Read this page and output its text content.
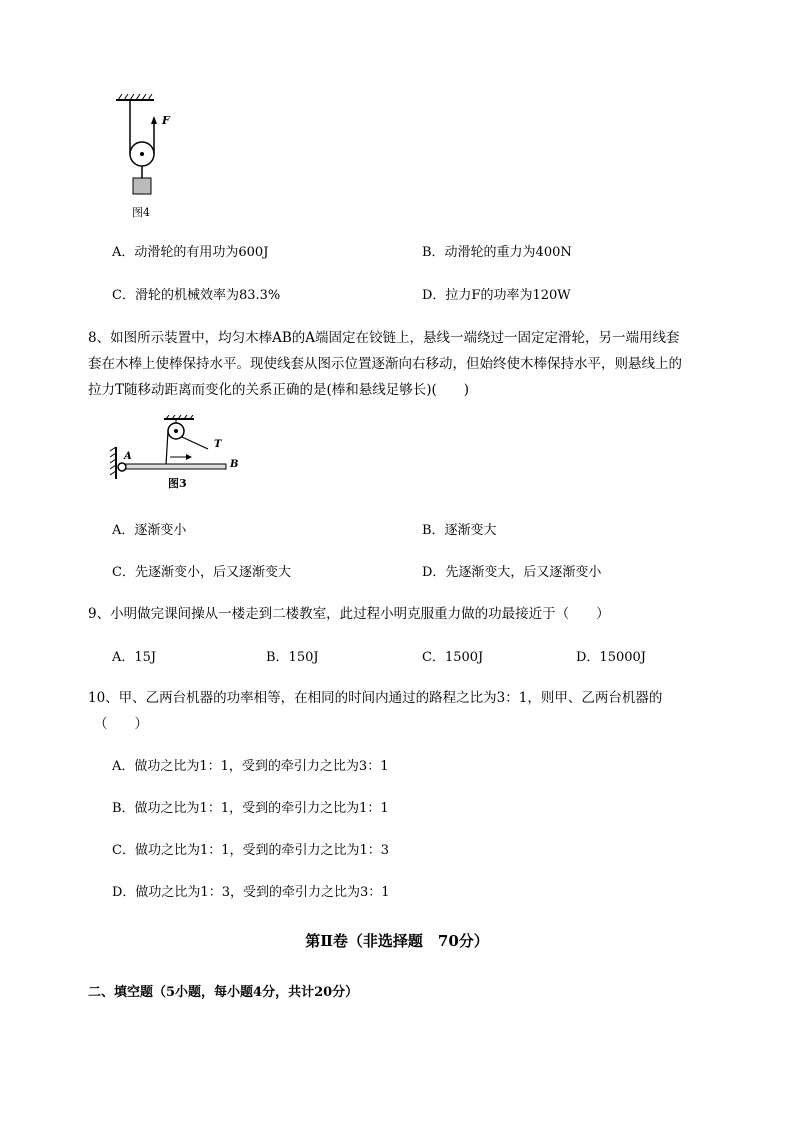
F
图4
A．动滑轮的有用功为600J	B．动滑轮的重力为400N
C．滑轮的机械效率为83.3%	D．拉力F的功率为120W
8、如图所示装置中，均匀木棒AB的A端固定在铰链上，悬线一端绕过一固定定滑轮，另一端用线套
套在木棒上使棒保持水平。现使线套从图示位置逐渐向右移动，但始终使木棒保持水平，则悬线上的
拉力T随移动距离而变化的关系正确的是(棒和悬线足够长)(　　)
T
A
B
图3
A．逐渐变小	B．逐渐变大
C．先逐渐变小，后又逐渐变大	D．先逐渐变大，后又逐渐变小
9、小明做完课间操从一楼走到二楼教室，此过程小明克服重力做的功最接近于（　　）
A．15J	B．150J	C．1500J	D．15000J
10、甲、乙两台机器的功率相等，在相同的时间内通过的路程之比为3：1，则甲、乙两台机器的
（　　）
A．做功之比为1：1，受到的牵引力之比为3：1
B．做功之比为1：1，受到的牵引力之比为1：1
C．做功之比为1：1，受到的牵引力之比为1：3
D．做功之比为1：3，受到的牵引力之比为3：1
第Ⅱ卷（非选择题　70分）
二、填空题（5小题，每小题4分，共计20分）
